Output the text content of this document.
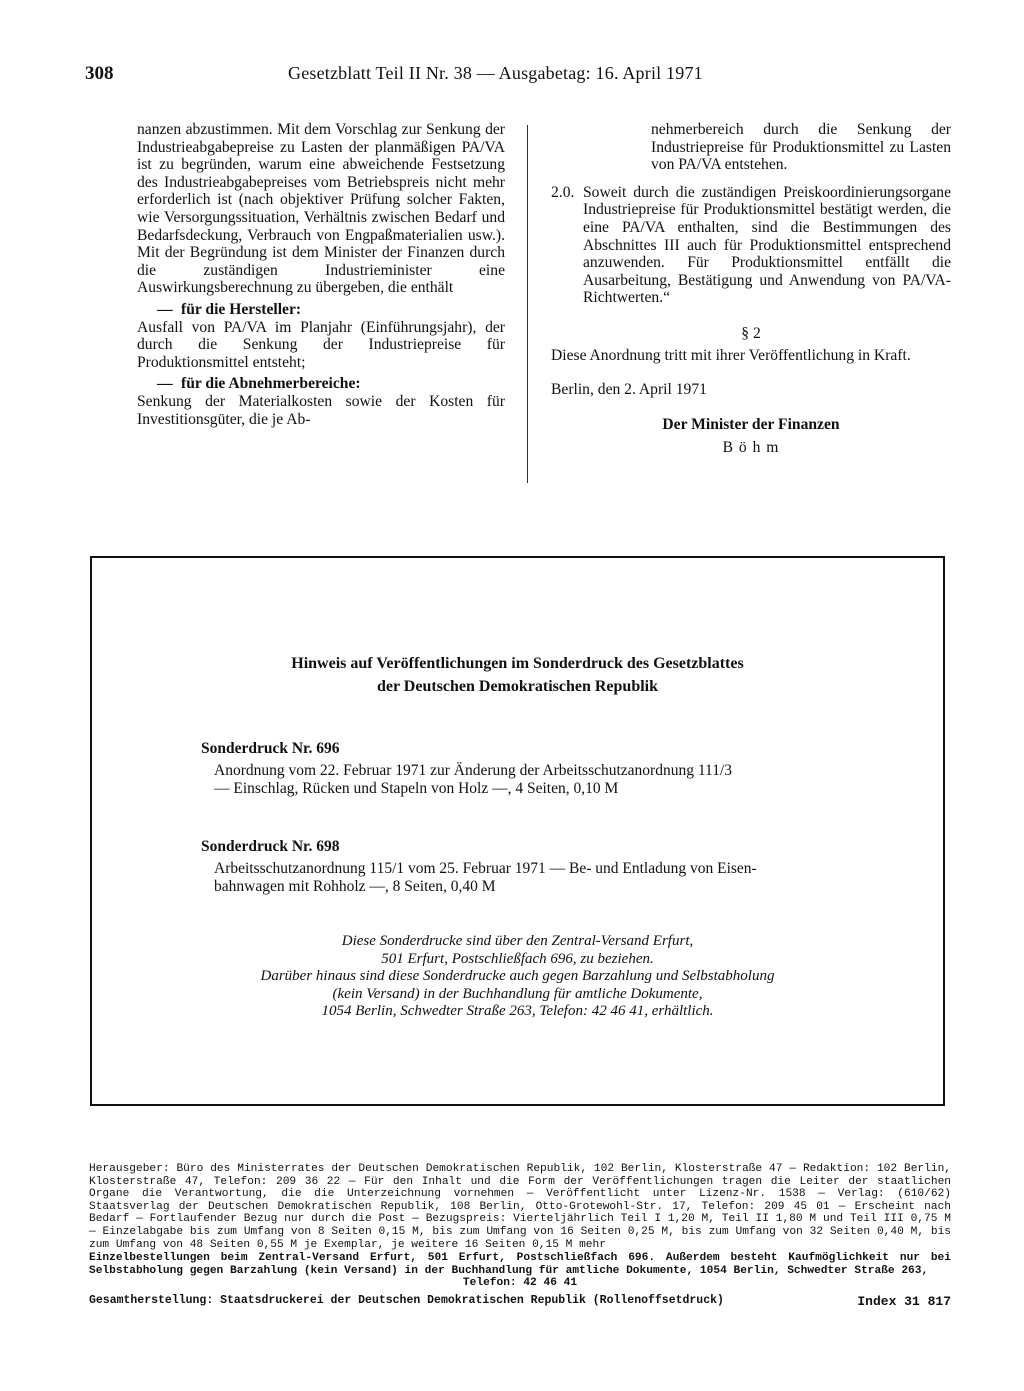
308	Gesetzblatt Teil II Nr. 38 — Ausgabetag: 16. April 1971

nanzen abzustimmen. Mit dem Vorschlag zur Senkung der Industrieabgabepreise zu Lasten der planmäßigen PA/VA ist zu begründen, warum eine abweichende Festsetzung des Industrieabgabepreises vom Betriebspreis nicht mehr erforderlich ist (nach objektiver Prüfung solcher Fakten, wie Versorgungssituation, Verhältnis zwischen Bedarf und Bedarfsdeckung, Verbrauch von Engpaßmaterialien usw.). Mit der Begründung ist dem Minister der Finanzen durch die zuständigen Industrieminister eine Auswirkungsberechnung zu übergeben, die enthält

— für die Hersteller:

Ausfall von PA/VA im Planjahr (Einführungsjahr), der durch die Senkung der Industriepreise für Produktionsmittel entsteht;

— für die Abnehmerbereiche:

Senkung der Materialkosten sowie der Kosten für Investitionsgüter, die je Ab-

nehmerbereich durch die Senkung der Industriepreise für Produktionsmittel zu Lasten von PA/VA entstehen.

2.0. Soweit durch die zuständigen Preiskoordinierungsorgane Industriepreise für Produktionsmittel bestätigt werden, die eine PA/VA enthalten, sind die Bestimmungen des Abschnittes III auch für Produktionsmittel entsprechend anzuwenden. Für Produktionsmittel entfällt die Ausarbeitung, Bestätigung und Anwendung von PA/VA-Richtwerten.“

§ 2

Diese Anordnung tritt mit ihrer Veröffentlichung in Kraft.

Berlin, den 2. April 1971

Der Minister der Finanzen

B ö h m

Hinweis auf Veröffentlichungen im Sonderdruck des Gesetzblattes
der Deutschen Demokratischen Republik
Sonderdruck Nr. 696
Anordnung vom 22. Februar 1971 zur Änderung der Arbeitsschutzanordnung 111/3
— Einschlag, Rücken und Stapeln von Holz —, 4 Seiten, 0,10 M
Sonderdruck Nr. 698
Arbeitsschutzanordnung 115/1 vom 25. Februar 1971 — Be- und Entladung von Eisen-
bahnwagen mit Rohholz —, 8 Seiten, 0,40 M
Diese Sonderdrucke sind über den Zentral-Versand Erfurt,
501 Erfurt, Postschließfach 696, zu beziehen.
Darüber hinaus sind diese Sonderdrucke auch gegen Barzahlung und Selbstabholung
(kein Versand) in der Buchhandlung für amtliche Dokumente,
1054 Berlin, Schwedter Straße 263, Telefon: 42 46 41, erhältlich.

Herausgeber: Büro des Ministerrates der Deutschen Demokratischen Republik, 102 Berlin, Klosterstraße 47 — Redaktion: 102 Berlin, Klosterstraße 47, Telefon: 209 36 22 — Für den Inhalt und die Form der Veröffentlichungen tragen die Leiter der staatlichen Organe die Verantwortung, die die Unterzeichnung vornehmen — Veröffentlicht unter Lizenz-Nr. 1538 — Verlag: (610/62) Staatsverlag der Deutschen Demokratischen Republik, 108 Berlin, Otto-Grotewohl-Str. 17, Telefon: 209 45 01 — Erscheint nach Bedarf — Fortlaufender Bezug nur durch die Post — Bezugspreis: Vierteljährlich Teil I 1,20 M, Teil II 1,80 M und Teil III 0,75 M — Einzelabgabe bis zum Umfang von 8 Seiten 0,15 M, bis zum Umfang von 16 Seiten 0,25 M, bis zum Umfang von 32 Seiten 0,40 M, bis zum Umfang von 48 Seiten 0,55 M je Exemplar, je weitere 16 Seiten 0,15 M mehr

Einzelbestellungen beim Zentral-Versand Erfurt, 501 Erfurt, Postschließfach 696. Außerdem besteht Kaufmöglichkeit nur bei Selbstabholung gegen Barzahlung (kein Versand) in der Buchhandlung für amtliche Dokumente, 1054 Berlin, Schwedter Straße 263,

Telefon: 42 46 41

Gesamtherstellung: Staatsdruckerei der Deutschen Demokratischen Republik (Rollenoffsetdruck)	Index 31 817
